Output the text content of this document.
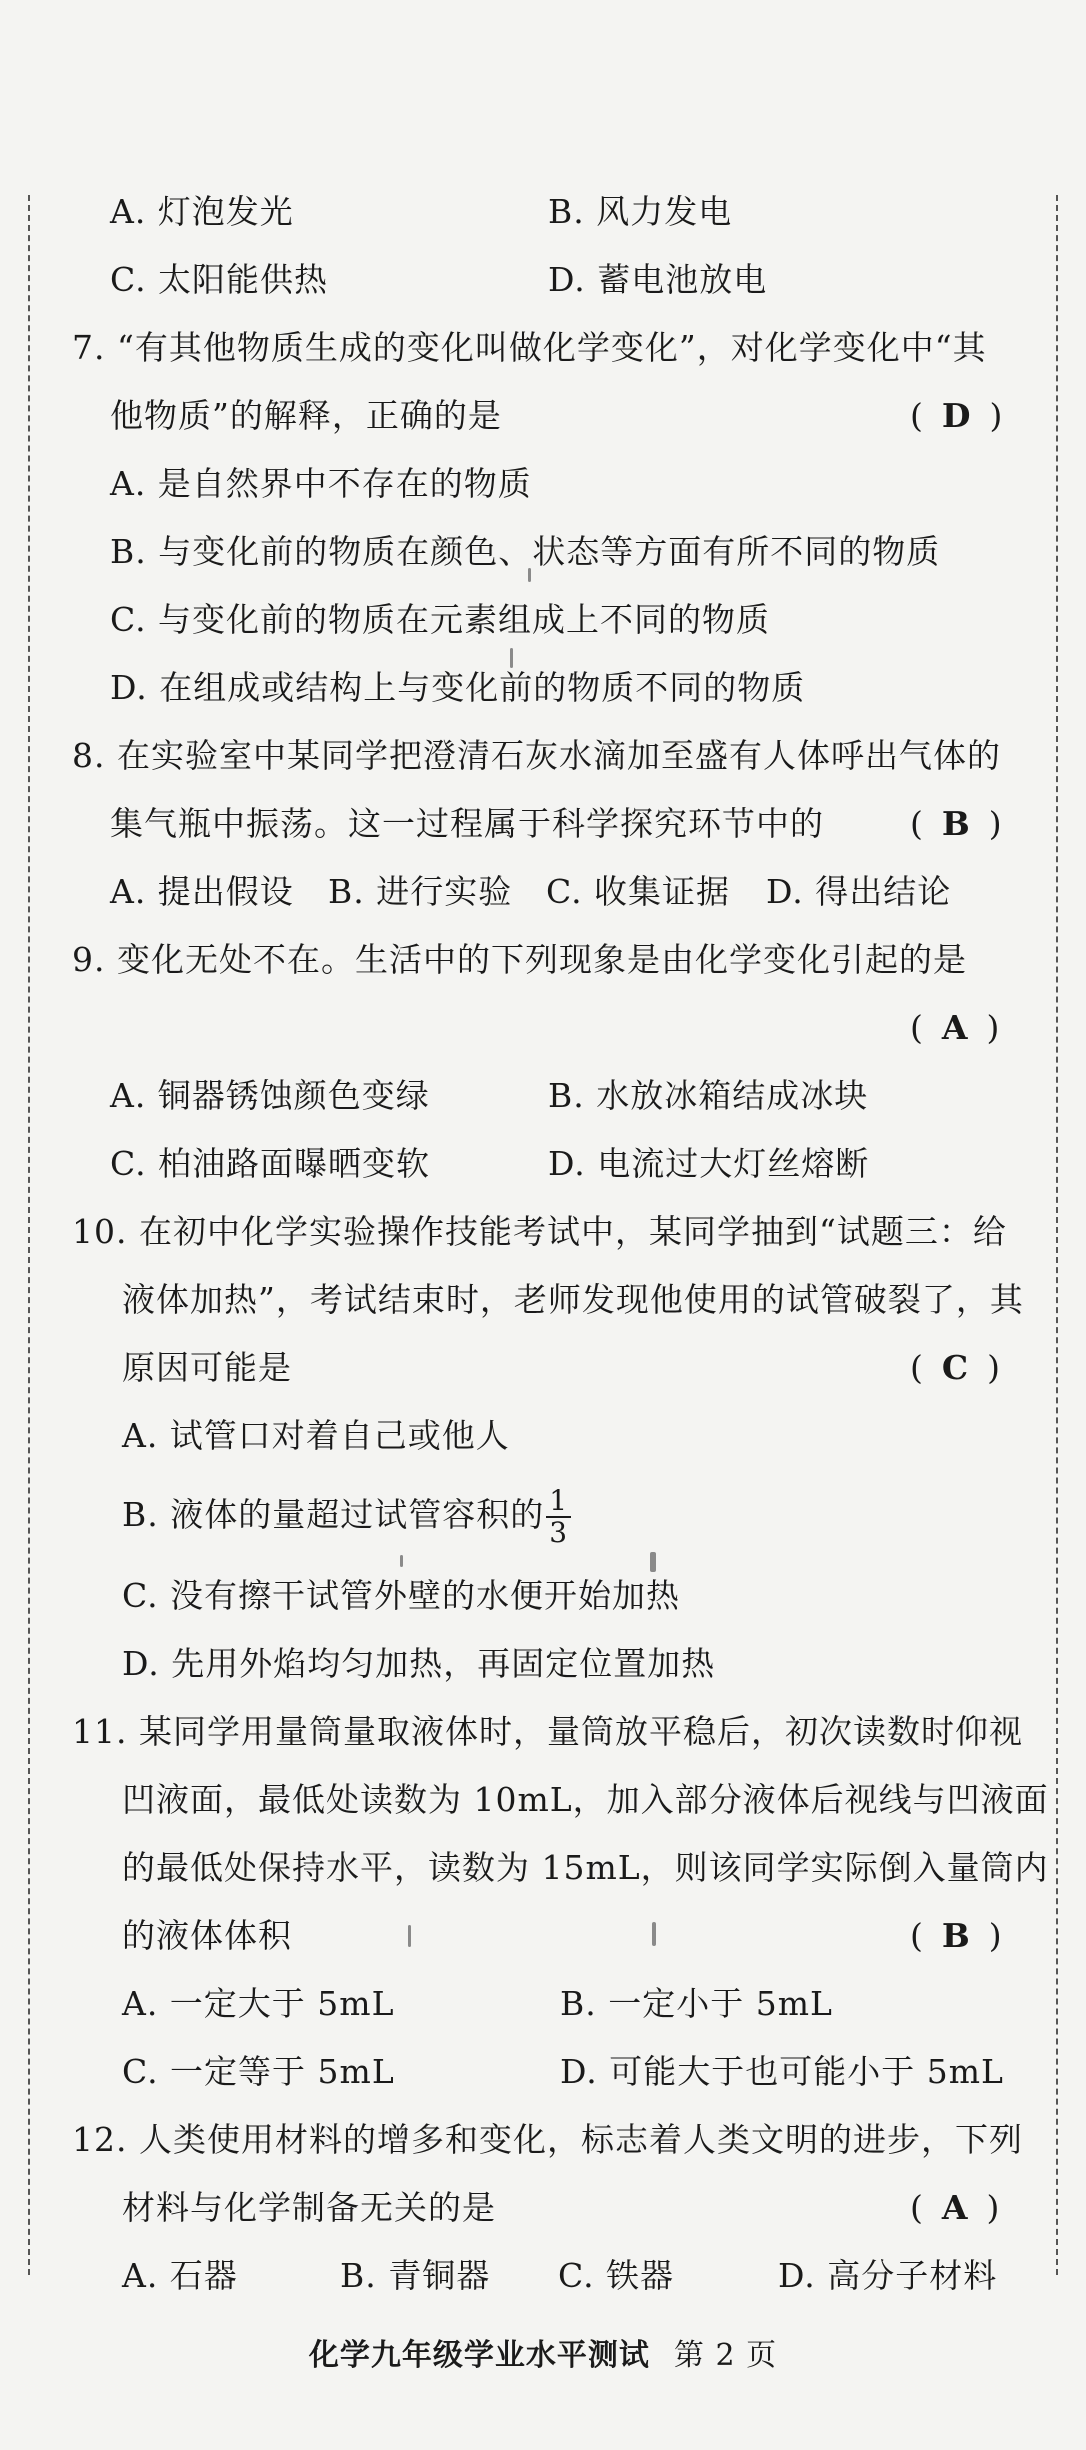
A. 灯泡发光	B. 风力发电
C. 太阳能供热	D. 蓄电池放电
7. “有其他物质生成的变化叫做化学变化”，对化学变化中“其
他物质”的解释，正确的是	( D )
A. 是自然界中不存在的物质
B. 与变化前的物质在颜色、状态等方面有所不同的物质
C. 与变化前的物质在元素组成上不同的物质
D. 在组成或结构上与变化前的物质不同的物质
8. 在实验室中某同学把澄清石灰水滴加至盛有人体呼出气体的
集气瓶中振荡。这一过程属于科学探究环节中的	( B )
A. 提出假设 B. 进行实验 C. 收集证据 D. 得出结论
9. 变化无处不在。生活中的下列现象是由化学变化引起的是
( A )
A. 铜器锈蚀颜色变绿	B. 水放冰箱结成冰块
C. 柏油路面曝晒变软	D. 电流过大灯丝熔断
10. 在初中化学实验操作技能考试中，某同学抽到“试题三：给
液体加热”，考试结束时，老师发现他使用的试管破裂了，其
原因可能是	( C )
A. 试管口对着自己或他人
B. 液体的量超过试管容积的 $\frac{1}{3}$
C. 没有擦干试管外壁的水便开始加热
D. 先用外焰均匀加热，再固定位置加热
11. 某同学用量筒量取液体时，量筒放平稳后，初次读数时仰视
凹液面，最低处读数为 10mL，加入部分液体后视线与凹液面
的最低处保持水平，读数为 15mL，则该同学实际倒入量筒内
的液体体积	( B )
A. 一定大于 5mL	B. 一定小于 5mL
C. 一定等于 5mL	D. 可能大于也可能小于 5mL
12. 人类使用材料的增多和变化，标志着人类文明的进步，下列
材料与化学制备无关的是	( A )
A. 石器	B. 青铜器 C. 铁器	D. 高分子材料
化学九年级学业水平测试 第 2 页
